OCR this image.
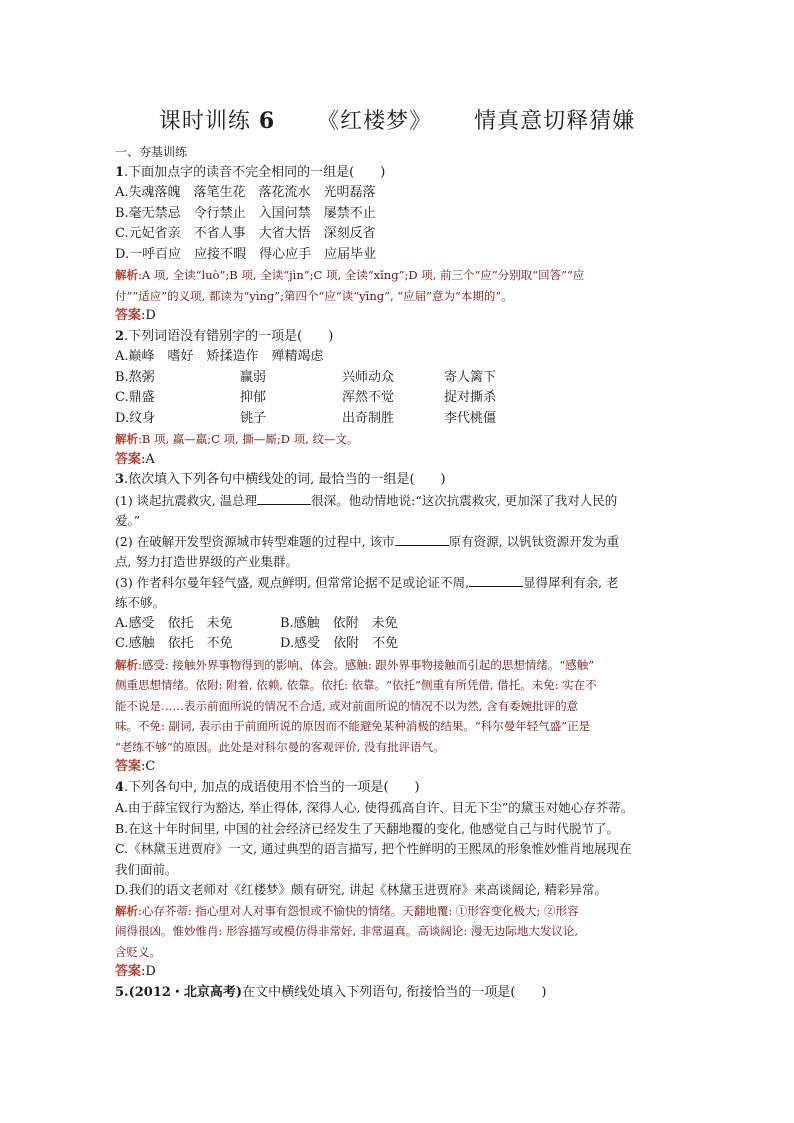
课时训练 6 《红楼梦》 情真意切释猜嫌
一、夯基训练
1.下面加点字的读音不完全相同的一组是(　　)
A.失魂落魄　落笔生花　落花流水　光明磊落
B.毫无禁忌　令行禁止　入国问禁　屡禁不止
C.元妃省亲　不省人事　大省大悟　深刻反省
D.一呼百应　应接不暇　得心应手　应届毕业
解析:A 项, 全读“luò”;B 项, 全读“jìn”;C 项, 全读“xǐng”;D 项, 前三个“应”分别取“回答”“应
付”“适应”的义项, 都读为“yìng”;第四个“应”读“yīng”, “应届”意为“本期的”。
答案:D
2.下列词语没有错别字的一项是(　　)
A.巅峰　嗜好　矫揉造作　殚精竭虑
B.熬粥	赢弱	兴师动众	寄人篱下
C.鼎盛	抑郁	浑然不觉	捉对撕杀
D.纹身	铫子	出奇制胜	李代桃僵
解析:B 项, 赢—羸;C 项, 撕—厮;D 项, 纹—文。
答案:A
3.依次填入下列各句中横线处的词, 最恰当的一组是(　　)
(1) 谈起抗震救灾, 温总理	很深。他动情地说:“这次抗震救灾, 更加深了我对人民的
爱。”
(2) 在破解开发型资源城市转型难题的过程中, 该市	原有资源, 以钒钛资源开发为重
点, 努力打造世界级的产业集群。
(3) 作者科尔曼年轻气盛, 观点鲜明, 但常常论据不足或论证不周,	显得犀利有余, 老
练不够。
A.感受　依托　未免	B.感触　依附　未免
C.感触　依托　不免	D.感受　依附　不免
解析:感受: 接触外界事物得到的影响、体会。感触: 跟外界事物接触而引起的思想情绪。“感触”
侧重思想情绪。依附: 附着, 依赖, 依靠。依托: 依靠。“依托”侧重有所凭借, 借托。未免: 实在不
能不说是……表示前面所说的情况不合适, 或对前面所说的情况不以为然, 含有委婉批评的意
味。不免: 副词, 表示由于前面所说的原因而不能避免某种消极的结果。“科尔曼年轻气盛”正是
“老练不够”的原因。此处是对科尔曼的客观评价, 没有批评语气。
答案:C
4.下列各句中, 加点的成语使用不恰当的一项是(　　)
A.由于薛宝钗行为豁达, 举止得体, 深得人心, 使得孤高自许、目无下尘”的黛玉对她心存芥蒂。
B.在这十年时间里, 中国的社会经济已经发生了天翻地覆的变化, 他感觉自己与时代脱节了。
C.《林黛玉进贾府》一文, 通过典型的语言描写, 把个性鲜明的王熙凤的形象惟妙惟肖地展现在
我们面前。
D.我们的语文老师对《红楼梦》颇有研究, 讲起《林黛玉进贾府》来高谈阔论, 精彩异常。
解析:心存芥蒂: 指心里对人对事有怨恨或不愉快的情绪。天翻地覆: ①形容变化极大; ②形容
闹得很凶。惟妙惟肖: 形容描写或模仿得非常好, 非常逼真。高谈阔论: 漫无边际地大发议论,
含贬义。
答案:D
5.(2012・北京高考)在文中横线处填入下列语句, 衔接恰当的一项是(　　)
